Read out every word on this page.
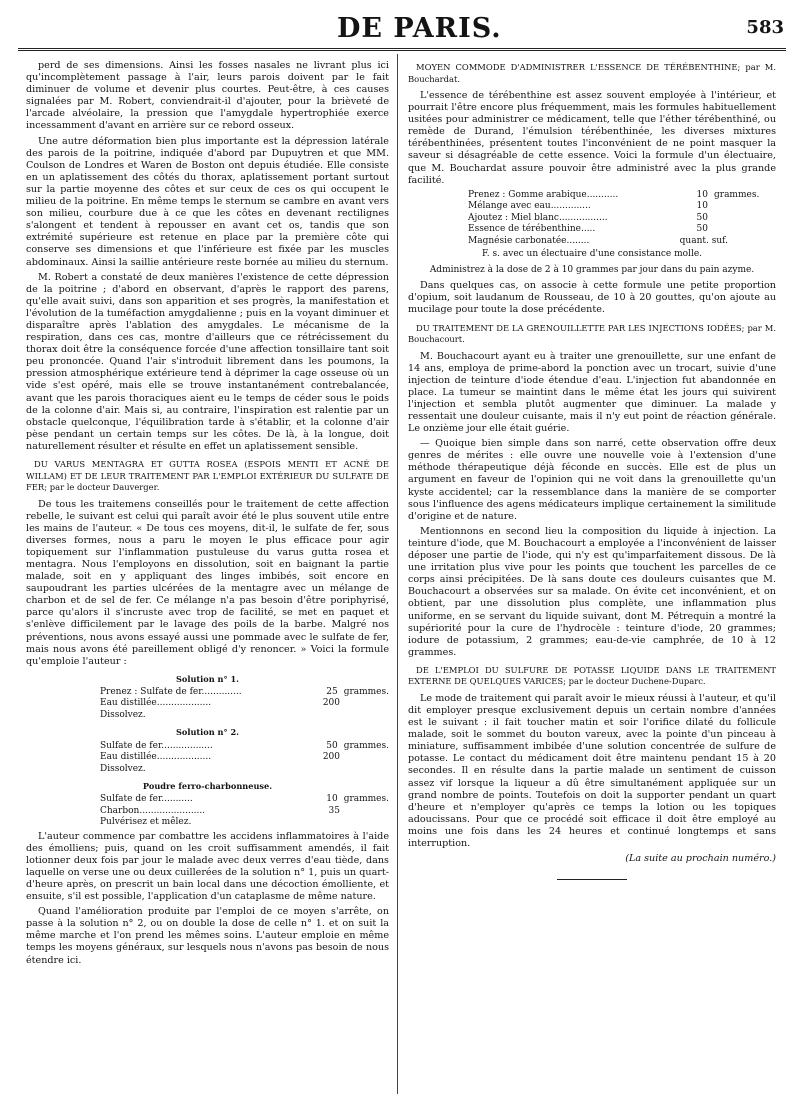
DE PARIS.	583

perd de ses dimensions. Ainsi les fosses nasales ne livrant plus ici qu'incomplètement passage à l'air, leurs parois doivent par le fait diminuer de volume et devenir plus courtes. Peut-être, à ces causes signalées par M. Robert, conviendrait-il d'ajouter, pour la brièveté de l'arcade alvéolaire, la pression que l'amygdale hypertrophiée exerce incessamment d'avant en arrière sur ce rebord osseux.

Une autre déformation bien plus importante est la dépression latérale des parois de la poitrine, indiquée d'abord par Dupuytren et que MM. Coulson de Londres et Waren de Boston ont depuis étudiée. Elle consiste en un aplatissement des côtés du thorax, aplatissement portant surtout sur la partie moyenne des côtes et sur ceux de ces os qui occupent le milieu de la poitrine. En même temps le sternum se cambre en avant vers son milieu, courbure due à ce que les côtes en devenant rectilignes s'alongent et tendent à repousser en avant cet os, tandis que son extrémité supérieure est retenue en place par la première côte qui conserve ses dimensions et que l'inférieure est fixée par les muscles abdominaux. Ainsi la saillie antérieure reste bornée au milieu du sternum.

M. Robert a constaté de deux manières l'existence de cette dépression de la poitrine ; d'abord en observant, d'après le rapport des parens, qu'elle avait suivi, dans son apparition et ses progrès, la manifestation et l'évolution de la tuméfaction amygdalienne ; puis en la voyant diminuer et disparaître après l'ablation des amygdales. Le mécanisme de la respiration, dans ces cas, montre d'ailleurs que ce rétrécissement du thorax doit être la conséquence forcée d'une affection tonsillaire tant soit peu prononcée. Quand l'air s'introduit librement dans les poumons, la pression atmosphérique extérieure tend à déprimer la cage osseuse où un vide s'est opéré, mais elle se trouve instantanément contrebalancée, avant que les parois thoraciques aient eu le temps de céder sous le poids de la colonne d'air. Mais si, au contraire, l'inspiration est ralentie par un obstacle quelconque, l'équilibration tarde à s'établir, et la colonne d'air pèse pendant un certain temps sur les côtes. De là, à la longue, doit naturellement résulter et résulte en effet un aplatissement sensible.

DU VARUS MENTAGRA ET GUTTA ROSEA (ESPOIS MENTI ET ACNÉ DE WILLAM) ET DE LEUR TRAITEMENT PAR L'EMPLOI EXTÉRIEUR DU SULFATE DE FER; par le docteur Dauverger.

De tous les traitemens conseillés pour le traitement de cette affection rebelle, le suivant est celui qui paraît avoir été le plus souvent utile entre les mains de l'auteur. « De tous ces moyens, dit-il, le sulfate de fer, sous diverses formes, nous a paru le moyen le plus efficace pour agir topiquement sur l'inflammation pustuleuse du varus gutta rosea et mentagra. Nous l'employons en dissolution, soit en baignant la partie malade, soit en y appliquant des linges imbibés, soit encore en saupoudrant les parties ulcérées de la mentagre avec un mélange de charbon et de sel de fer. Ce mélange n'a pas besoin d'être poriphyrisé, parce qu'alors il s'incruste avec trop de facilité, se met en paquet et s'enlève difficilement par le lavage des poils de la barbe. Malgré nos préventions, nous avons essayé aussi une pommade avec le sulfate de fer, mais nous avons été pareillement obligé d'y renoncer. » Voici la formule qu'emploie l'auteur :

Solution n° 1.
Prenez : Sulfate de fer..............	25 grammes.
Eau distillée...................	200
Dissolvez.
Solution n° 2.
Sulfate de fer..................	50 grammes.
Eau distillée...................	200
Dissolvez.
Poudre ferro-charbonneuse.
Sulfate de fer...........	10 grammes.
Charbon.......................	35
Pulvérisez et mêlez.

L'auteur commence par combattre les accidens inflammatoires à l'aide des émolliens; puis, quand on les croit suffisamment amendés, il fait lotionner deux fois par jour le malade avec deux verres d'eau tiède, dans laquelle on verse une ou deux cuillerées de la solution n° 1, puis un quart-d'heure après, on prescrit un bain local dans une décoction émolliente, et ensuite, s'il est possible, l'application d'un cataplasme de même nature.

Quand l'amélioration produite par l'emploi de ce moyen s'arrête, on passe à la solution n° 2, ou on double la dose de celle n° 1. et on suit la même marche et l'on prend les mêmes soins. L'auteur emploie en même temps les moyens généraux, sur lesquels nous n'avons pas besoin de nous étendre ici.

MOYEN COMMODE D'ADMINISTRER L'ESSENCE DE TÉRÉBENTHINE; par M. Bouchardat.

L'essence de térébenthine est assez souvent employée à l'intérieur, et pourrait l'être encore plus fréquemment, mais les formules habituellement usitées pour administrer ce médicament, telle que l'éther térébenthiné, ou remède de Durand, l'émulsion térébenthinée, les diverses mixtures térébenthinées, présentent toutes l'inconvénient de ne point masquer la saveur si désagréable de cette essence. Voici la formule d'un électuaire, que M. Bouchardat assure pouvoir être administré avec la plus grande facilité.

Prenez : Gomme arabique...........	10 grammes.
Mélange avec eau..............	10
Ajoutez : Miel blanc.................	50
Essence de térébenthine.....	50
Magnésie carbonatée........	quant. suf.
F. s. avec un électuaire d'une consistance molle.
Administrez à la dose de 2 à 10 grammes par jour dans du pain azyme.

Dans quelques cas, on associe à cette formule une petite proportion d'opium, soit laudanum de Rousseau, de 10 à 20 gouttes, qu'on ajoute au mucilage pour toute la dose précédente.

DU TRAITEMENT DE LA GRENOUILLETTE PAR LES INJECTIONS IODÉES; par M. Bouchacourt.

M. Bouchacourt ayant eu à traiter une grenouillette, sur une enfant de 14 ans, employa de prime-abord la ponction avec un trocart, suivie d'une injection de teinture d'iode étendue d'eau. L'injection fut abandonnée en place. La tumeur se maintint dans le même état les jours qui suivirent l'injection et sembla plutôt augmenter que diminuer. La malade y ressentait une douleur cuisante, mais il n'y eut point de réaction générale. Le onzième jour elle était guérie.

— Quoique bien simple dans son narré, cette observation offre deux genres de mérites : elle ouvre une nouvelle voie à l'extension d'une méthode thérapeutique déjà féconde en succès. Elle est de plus un argument en faveur de l'opinion qui ne voit dans la grenouillette qu'un kyste accidentel; car la ressemblance dans la manière de se comporter sous l'influence des agens médicateurs implique certainement la similitude d'origine et de nature.

Mentionnons en second lieu la composition du liquide à injection. La teinture d'iode, que M. Bouchacourt a employée a l'inconvénient de laisser déposer une partie de l'iode, qui n'y est qu'imparfaitement dissous. De là une irritation plus vive pour les points que touchent les parcelles de ce corps ainsi précipitées. De là sans doute ces douleurs cuisantes que M. Bouchacourt a observées sur sa malade. On évite cet inconvénient, et on obtient, par une dissolution plus complète, une inflammation plus uniforme, en se servant du liquide suivant, dont M. Pétrequin a montré la supériorité pour la cure de l'hydrocèle : teinture d'iode, 20 grammes; iodure de potassium, 2 grammes; eau-de-vie camphrée, de 10 à 12 grammes.

DE L'EMPLOI DU SULFURE DE POTASSE LIQUIDE DANS LE TRAITEMENT EXTERNE DE QUELQUES VARICES; par le docteur Duchene-Duparc.

Le mode de traitement qui paraît avoir le mieux réussi à l'auteur, et qu'il dit employer presque exclusivement depuis un certain nombre d'années est le suivant : il fait toucher matin et soir l'orifice dilaté du follicule malade, soit le sommet du bouton vareux, avec la pointe d'un pinceau à miniature, suffisamment imbibée d'une solution concentrée de sulfure de potasse. Le contact du médicament doit être maintenu pendant 15 à 20 secondes. Il en résulte dans la partie malade un sentiment de cuisson assez vif lorsque la liqueur a dû être simultanément appliquée sur un grand nombre de points. Toutefois on doit la supporter pendant un quart d'heure et n'employer qu'après ce temps la lotion ou les topiques adoucissans. Pour que ce procédé soit efficace il doit être employé au moins une fois dans les 24 heures et continué longtemps et sans interruption.

(La suite au prochain numéro.)
